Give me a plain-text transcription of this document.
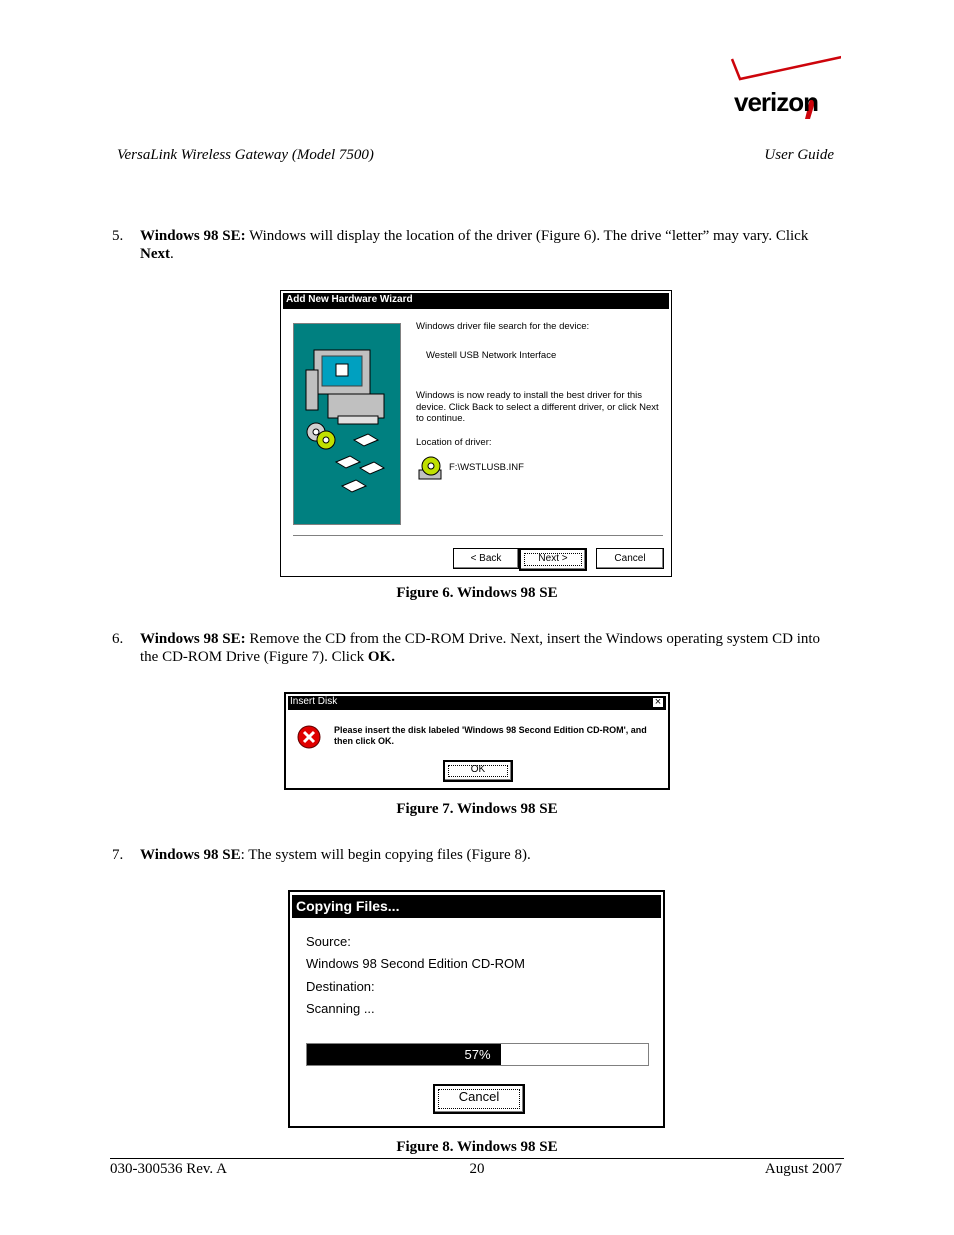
verizon
VersaLink Wireless Gateway (Model 7500)	User Guide
5. Windows 98 SE: Windows will display the location of the driver (Figure 6). The drive “letter” may vary. Click Next.
Add New Hardware Wizard
Windows driver file search for the device:
Westell USB Network Interface
Windows is now ready to install the best driver for this device. Click Back to select a different driver, or click Next to continue.
Location of driver:
F:\WSTLUSB.INF
< Back	Next >	Cancel
Figure 6. Windows 98 SE
6. Windows 98 SE: Remove the CD from the CD-ROM Drive. Next, insert the Windows operating system CD into the CD-ROM Drive (Figure 7). Click OK.
Insert Disk	×
Please insert the disk labeled 'Windows 98 Second Edition CD-ROM', and then click OK.
OK
Figure 7. Windows 98 SE
7. Windows 98 SE: The system will begin copying files (Figure 8).
Copying Files...
Source:
Windows 98 Second Edition CD-ROM
Destination:
Scanning ...
57%
Cancel
Figure 8. Windows 98 SE
030-300536 Rev. A	20	August 2007
